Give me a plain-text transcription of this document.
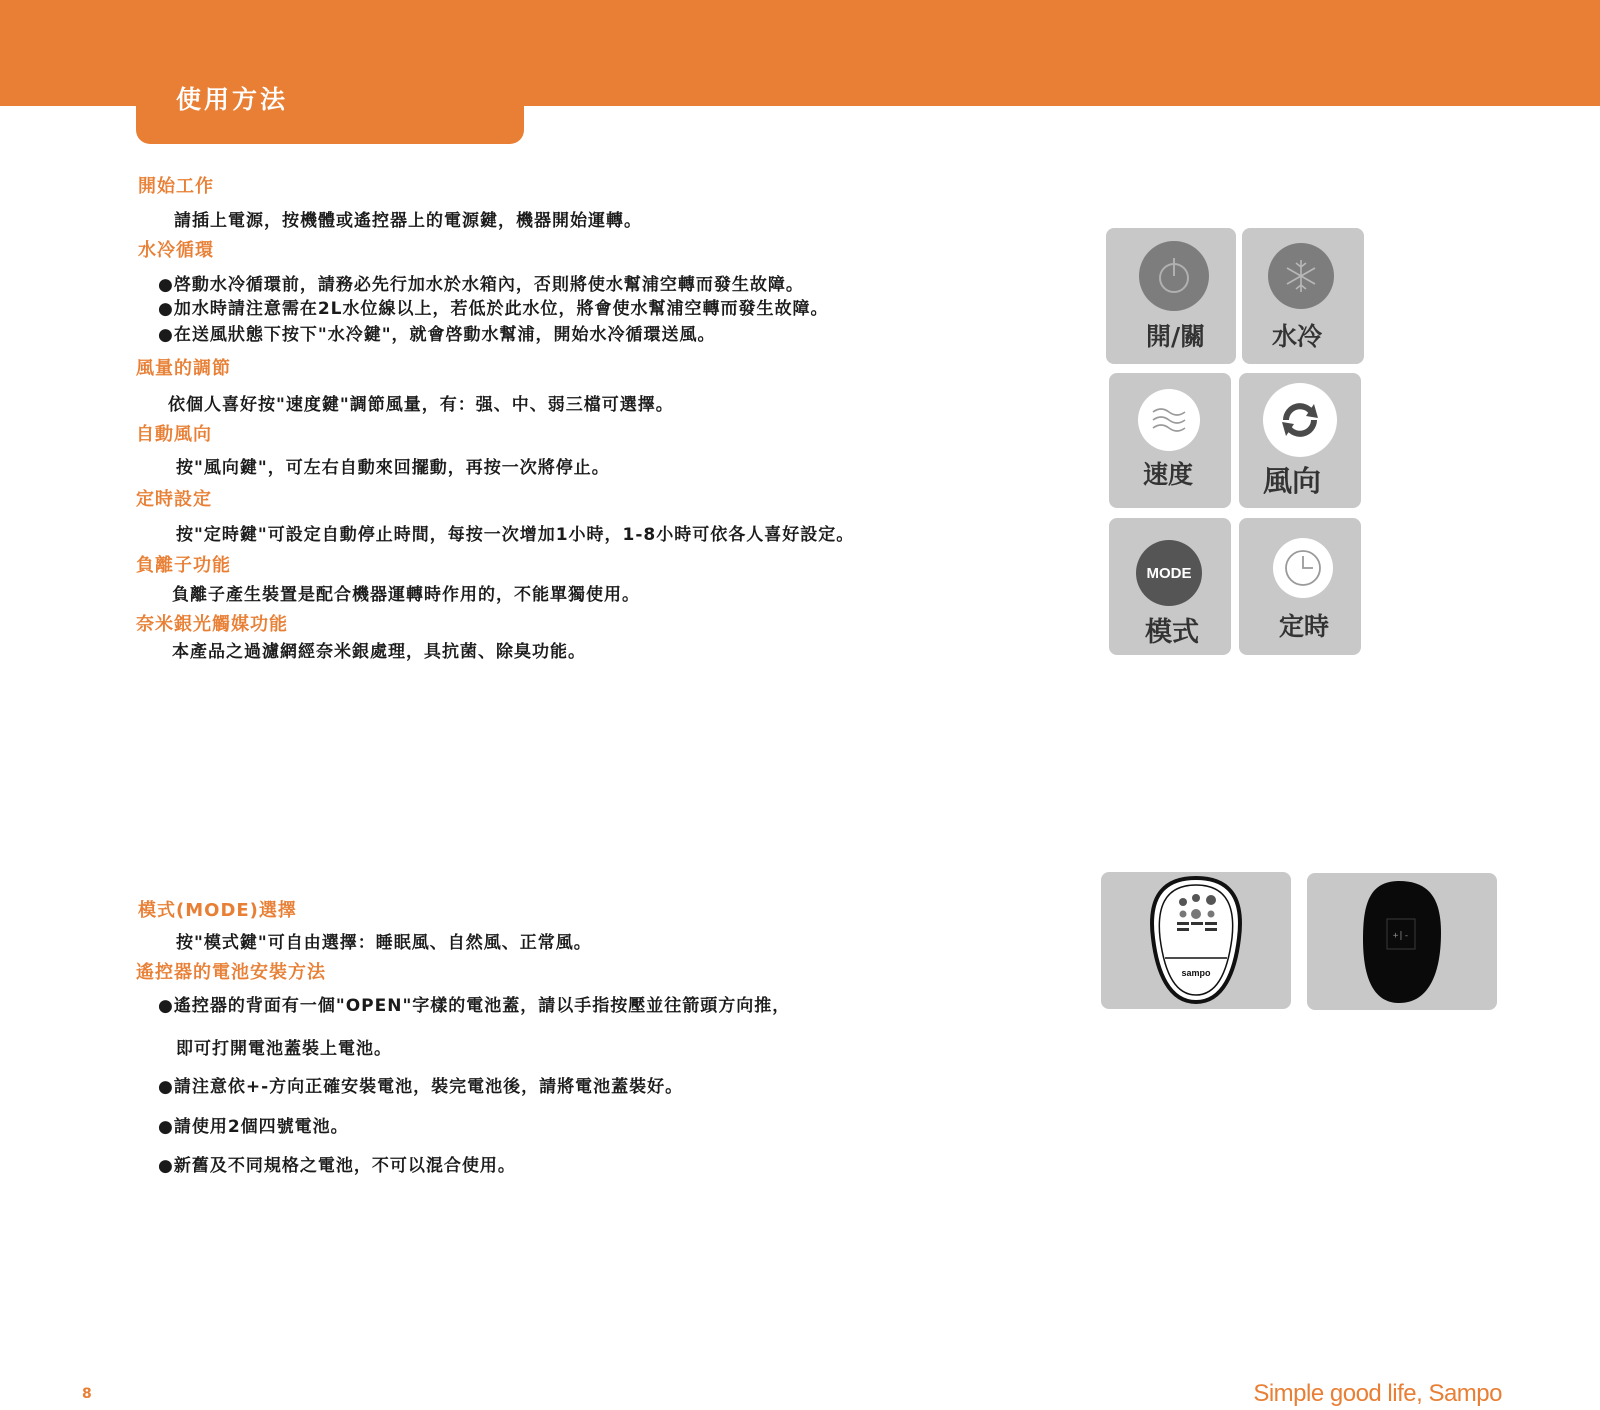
使用方法
開始工作
請插上電源，按機體或遙控器上的電源鍵，機器開始運轉。
水冷循環
●啓動水冷循環前，請務必先行加水於水箱內，否則將使水幫浦空轉而發生故障。
●加水時請注意需在2L水位線以上，若低於此水位，將會使水幫浦空轉而發生故障。
●在送風狀態下按下"水冷鍵"，就會啓動水幫浦，開始水冷循環送風。
風量的調節
依個人喜好按"速度鍵"調節風量，有：强、中、弱三檔可選擇。
自動風向
按"風向鍵"，可左右自動來回擺動，再按一次將停止。
定時設定
按"定時鍵"可設定自動停止時間，每按一次增加1小時，1-8小時可依各人喜好設定。
負離子功能
負離子產生裝置是配合機器運轉時作用的，不能單獨使用。
奈米銀光觸媒功能
本產品之過濾網經奈米銀處理，具抗菌、除臭功能。
模式(MODE)選擇
按"模式鍵"可自由選擇：睡眠風、自然風、正常風。
遙控器的電池安裝方法
●遙控器的背面有一個"OPEN"字樣的電池蓋，請以手指按壓並往箭頭方向推，
即可打開電池蓋裝上電池。
●請注意依+-方向正確安裝電池，裝完電池後，請將電池蓋裝好。
●請使用2個四號電池。
●新舊及不同規格之電池，不可以混合使用。
開/關	水冷
速度 風向
MODE
模式	定時
sampo
+|-
8	Simple good life, Sampo
